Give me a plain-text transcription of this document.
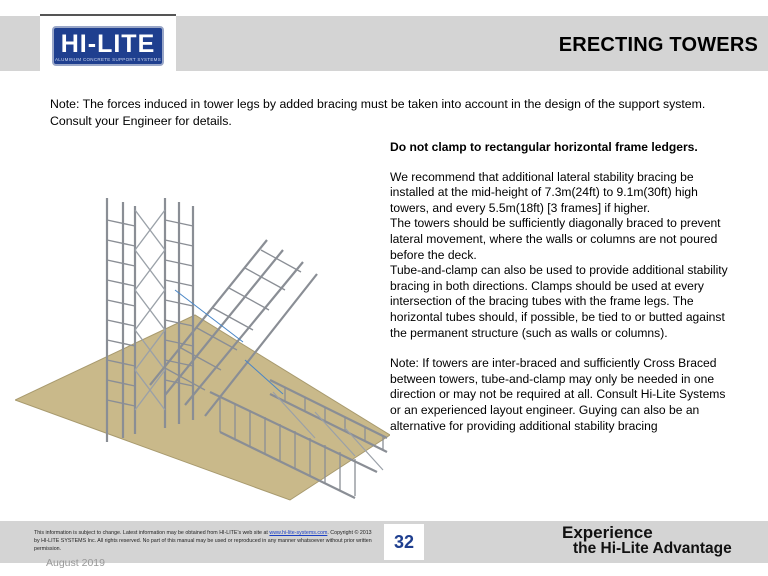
HI-LITE
ALUMINUM CONCRETE SUPPORT SYSTEMS
ERECTING TOWERS
Note: The forces induced in tower legs by added bracing must be taken into account in the design of the support system. Consult your Engineer for details.

Do not clamp to rectangular horizontal frame ledgers.

We recommend that additional lateral stability bracing be installed at the mid-height of 7.3m(24ft) to 9.1m(30ft) high towers, and every 5.5m(18ft) [3 frames] if higher.

The towers should be sufficiently diagonally braced to prevent lateral movement, where the walls or columns are not poured before the deck.

Tube-and-clamp can also be used to provide additional stability bracing in both directions. Clamps should be used at every intersection of the bracing tubes with the frame legs. The horizontal tubes should, if possible, be tied to or butted against the permanent structure (such as walls or columns).

Note: If towers are inter-braced and sufficiently Cross Braced between towers, tube-and-clamp may only be needed in one direction or may not be required at all. Consult Hi-Lite Systems or an experienced layout engineer. Guying can also be an alternative for providing additional stability bracing

This information is subject to change. Latest information may be obtained from HI-LITE's web site at www.hi-lite-systems.com. Copyright © 2013 by HI-LITE SYSTEMS Inc. All rights reserved. No part of this manual may be used or reproduced in any manner whatsoever without prior written permission.	32	Experience
the Hi-Lite Advantage
August 2019
